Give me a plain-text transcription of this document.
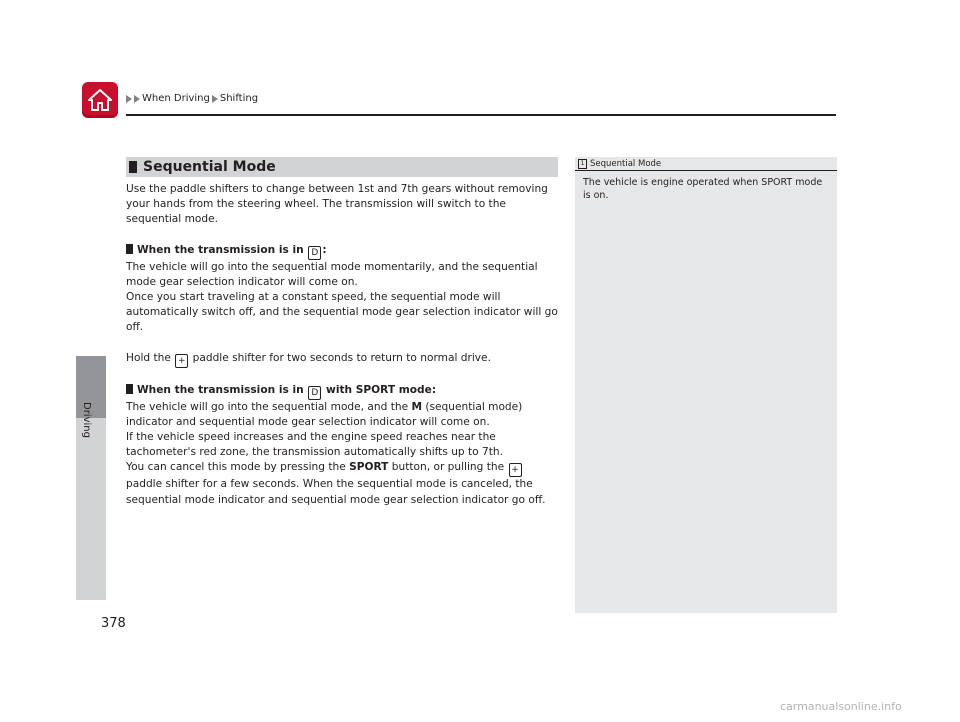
When Driving Shifting
Driving
378
Sequential Mode

Use the paddle shifters to change between 1st and 7th gears without removing your hands from the steering wheel. The transmission will switch to the sequential mode.

When the transmission is in D :

The vehicle will go into the sequential mode momentarily, and the sequential mode gear selection indicator will come on.

Once you start traveling at a constant speed, the sequential mode will automatically switch off, and the sequential mode gear selection indicator will go off.

Hold the + paddle shifter for two seconds to return to normal drive.

When the transmission is in D with SPORT mode:

The vehicle will go into the sequential mode, and the M (sequential mode) indicator and sequential mode gear selection indicator will come on.

If the vehicle speed increases and the engine speed reaches near the tachometer's red zone, the transmission automatically shifts up to 7th.

You can cancel this mode by pressing the SPORT button, or pulling the + paddle shifter for a few seconds. When the sequential mode is canceled, the sequential mode indicator and sequential mode gear selection indicator go off.

1 Sequential Mode
The vehicle is engine operated when SPORT mode is on.
carmanualsonline.info
